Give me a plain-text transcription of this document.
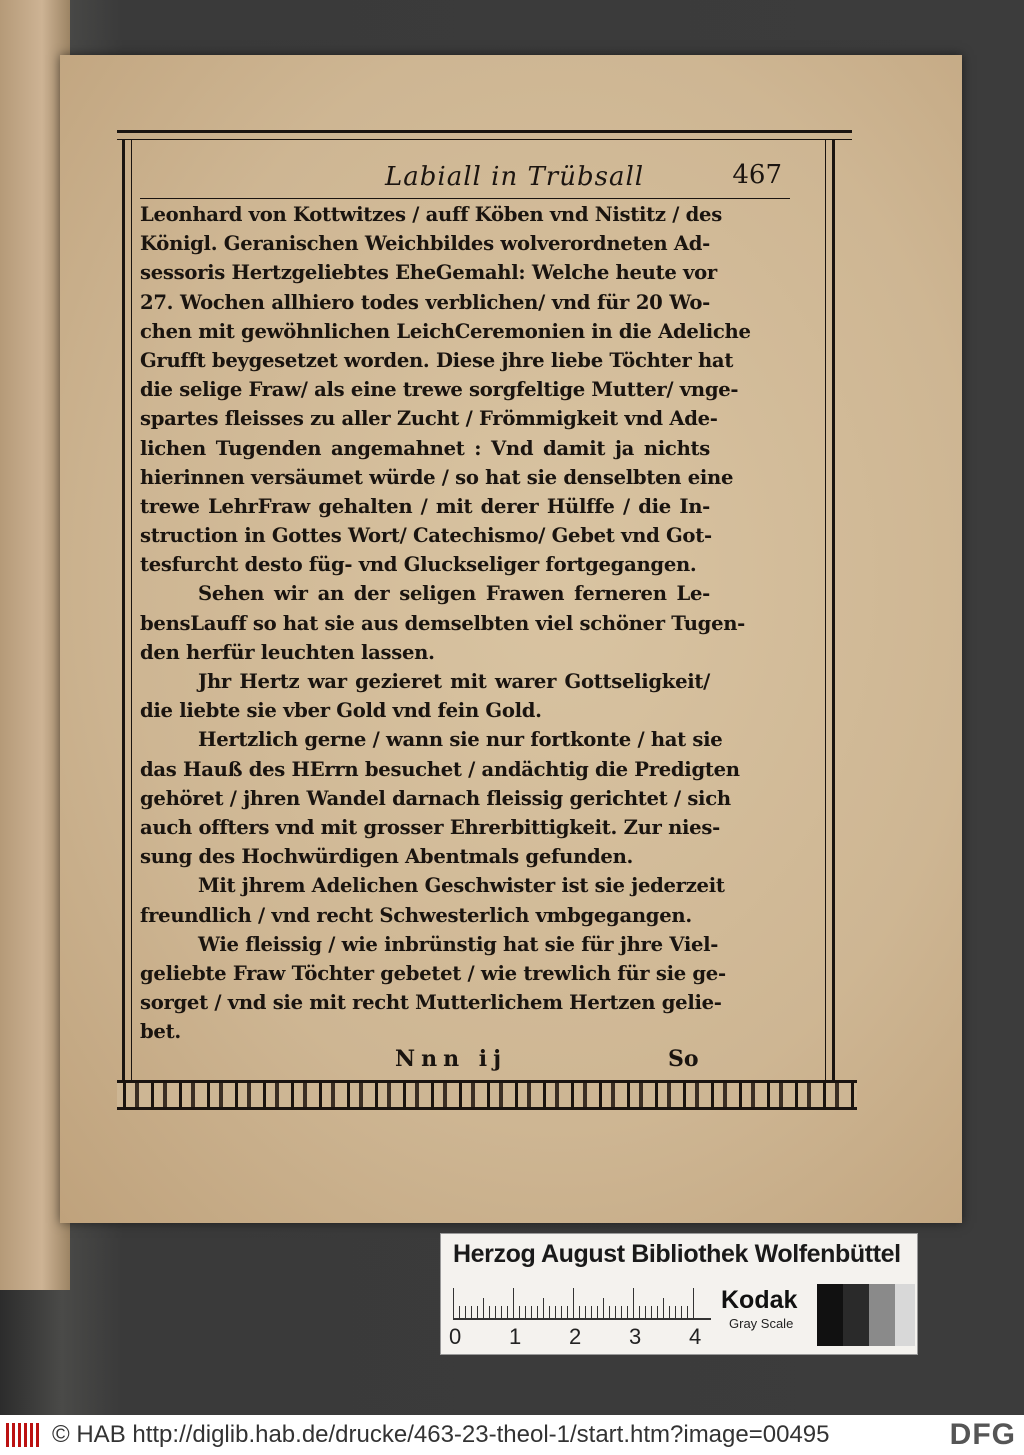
Labiall in Trübsall	467
Leonhard von Kottwitzes / auff Köben vnd Nistitz / des
Königl. Geranischen Weichbildes wolverordneten Ad-
sessoris Hertzgeliebtes EheGemahl: Welche heute vor
27. Wochen allhiero todes verblichen/ vnd für 20 Wo-
chen mit gewöhnlichen LeichCeremonien in die Adeliche
Grufft beygesetzet worden. Diese jhre liebe Töchter hat
die selige Fraw/ als eine trewe sorgfeltige Mutter/ vnge-
spartes fleisses zu aller Zucht / Frömmigkeit vnd Ade-
lichen Tugenden angemahnet : Vnd damit ja nichts
hierinnen versäumet würde / so hat sie denselbten eine
trewe LehrFraw gehalten / mit derer Hülffe / die In-
struction in Gottes Wort/ Catechismo/ Gebet vnd Got-
tesfurcht desto füg- vnd Gluckseliger fortgegangen.
Sehen wir an der seligen Frawen ferneren Le-
bensLauff so hat sie aus demselbten viel schöner Tugen-
den herfür leuchten lassen.
Jhr Hertz war gezieret mit warer Gottseligkeit/
die liebte sie vber Gold vnd fein Gold.
Hertzlich gerne / wann sie nur fortkonte / hat sie
das Hauß des HErrn besuchet / andächtig die Predigten
gehöret / jhren Wandel darnach fleissig gerichtet / sich
auch offters vnd mit grosser Ehrerbittigkeit. Zur nies-
sung des Hochwürdigen Abentmals gefunden.
Mit jhrem Adelichen Geschwister ist sie jederzeit
freundlich / vnd recht Schwesterlich vmbgegangen.
Wie fleissig / wie inbrünstig hat sie für jhre Viel-
geliebte Fraw Töchter gebetet / wie trewlich für sie ge-
sorget / vnd sie mit recht Mutterlichem Hertzen gelie-
bet.
Nnn ij	So
Herzog August Bibliothek Wolfenbüttel
0 1 2 3 4
Kodak
Gray Scale
© HAB http://diglib.hab.de/drucke/463-23-theol-1/start.htm?image=00495	DFG
